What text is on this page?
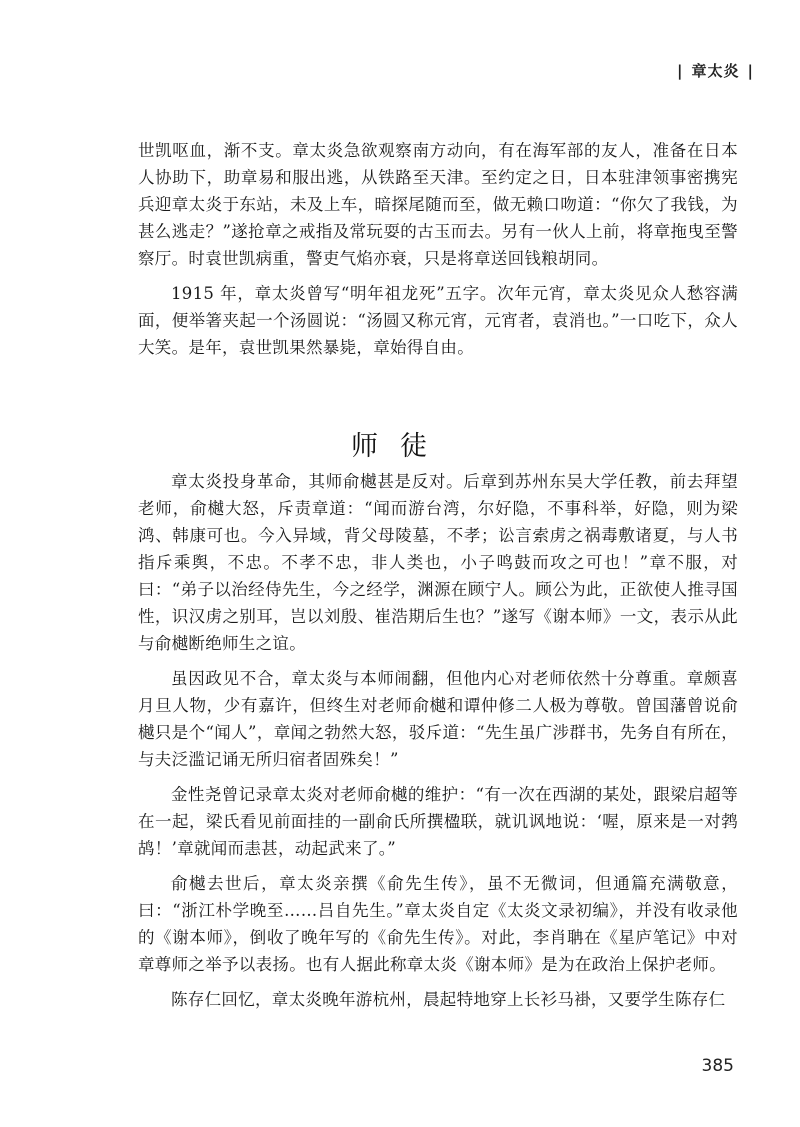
| 章太炎 |

世凯呕血，渐不支。章太炎急欲观察南方动向，有在海军部的友人，准备在日本人协助下，助章易和服出逃，从铁路至天津。至约定之日，日本驻津领事密携宪兵迎章太炎于东站，未及上车，暗探尾随而至，做无赖口吻道：“你欠了我钱，为甚么逃走？”遂抢章之戒指及常玩耍的古玉而去。另有一伙人上前，将章拖曳至警察厅。时袁世凯病重，警吏气焰亦衰，只是将章送回钱粮胡同。

1915 年，章太炎曾写“明年祖龙死”五字。次年元宵，章太炎见众人愁容满面，便举箸夹起一个汤圆说：“汤圆又称元宵，元宵者，袁消也。”一口吃下，众人大笑。是年，袁世凯果然暴毙，章始得自由。

师徒

章太炎投身革命，其师俞樾甚是反对。后章到苏州东吴大学任教，前去拜望老师，俞樾大怒，斥责章道：“闻而游台湾，尔好隐，不事科举，好隐，则为梁鸿、韩康可也。今入异域，背父母陵墓，不孝；讼言索虏之祸毒敷诸夏，与人书指斥乘舆，不忠。不孝不忠，非人类也，小子鸣鼓而攻之可也！”章不服，对曰：“弟子以治经侍先生，今之经学，渊源在顾宁人。顾公为此，正欲使人推寻国性，识汉虏之别耳，岂以刘殷、崔浩期后生也？”遂写《谢本师》一文，表示从此与俞樾断绝师生之谊。

虽因政见不合，章太炎与本师闹翻，但他内心对老师依然十分尊重。章颇喜月旦人物，少有嘉许，但终生对老师俞樾和谭仲修二人极为尊敬。曾国藩曾说俞樾只是个“闻人”，章闻之勃然大怒，驳斥道：“先生虽广涉群书，先务自有所在，与夫泛滥记诵无所归宿者固殊矣！”

金性尧曾记录章太炎对老师俞樾的维护：“有一次在西湖的某处，跟梁启超等在一起，梁氏看见前面挂的一副俞氏所撰楹联，就讥讽地说：‘喔，原来是一对鹁鸪！’章就闻而恚甚，动起武来了。”

俞樾去世后，章太炎亲撰《俞先生传》，虽不无微词，但通篇充满敬意，曰：“浙江朴学晚至……吕自先生。”章太炎自定《太炎文录初编》，并没有收录他的《谢本师》，倒收了晚年写的《俞先生传》。对此，李肖聃在《星庐笔记》中对章尊师之举予以表扬。也有人据此称章太炎《谢本师》是为在政治上保护老师。

陈存仁回忆，章太炎晚年游杭州，晨起特地穿上长衫马褂，又要学生陈存仁

385
